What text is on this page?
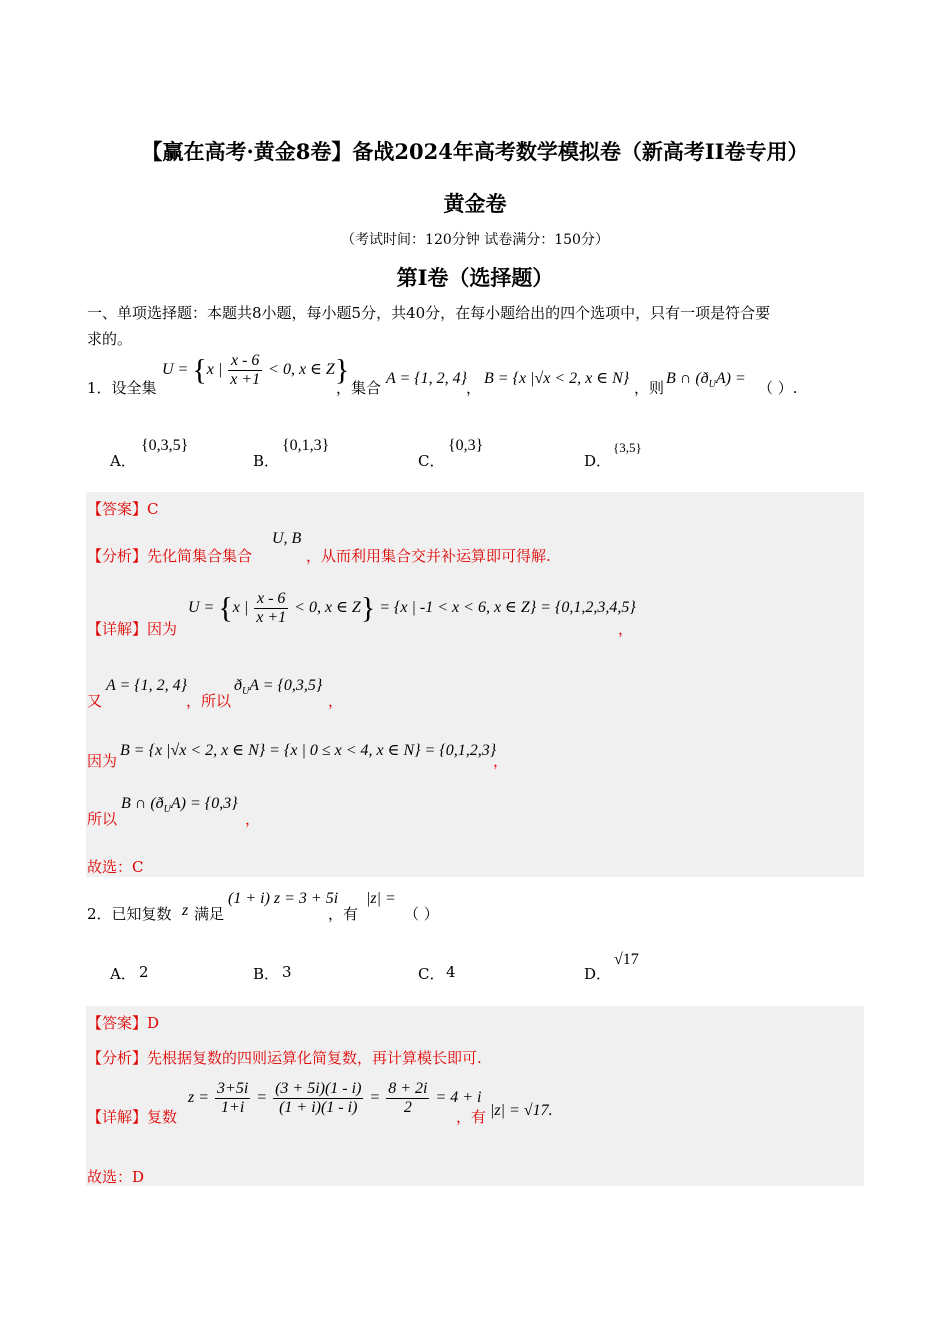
【赢在高考·黄金8卷】备战2024年高考数学模拟卷（新高考II卷专用）
黄金卷
（考试时间：120分钟 试卷满分：150分）
第I卷（选择题）
一、单项选择题：本题共8小题，每小题5分，共40分，在每小题给出的四个选项中，只有一项是符合要
求的。
1．设全集
U = {x | $\frac{x - 6}{x +1} < 0$, x ∈ Z}
，集合
A = {1, 2, 4}
，
B = {x |√x < 2, x ∈ N}
，则
B ∩ $(ð_UA)$ =
（ ）.
A．
{0,3,5}
B．
{0,1,3}
C．
{0,3}
D．
{3,5}
【答案】C
【分析】先化简集合集合
U, B
，从而利用集合交并补运算即可得解.
【详解】因为
U = {x | $\frac{x - 6}{x +1} < 0$, x ∈ Z} = {x | -1 < x < 6, x ∈ Z} = {0,1,2,3,4,5}
，
又
A = {1, 2, 4}
，所以
$ð_UA = \{0,3,5\}$
，
因为
B = {x |√x < 2, x ∈ N} = {x | 0 ≤ x < 4, x ∈ N} = {0,1,2,3}
，
所以
B ∩ $(ð_UA) = \{0,3\}$
，
故选：C
2．已知复数 z 满足
(1 + i) z = 3 + 5i
，有
|z| =
（ ）
A． 2	B． 3	C． 4	D．
√17
【答案】D
【分析】先根据复数的四则运算化简复数，再计算模长即可.
【详解】复数
$z = \frac{3+5i}{1+i} = \frac{(3 + 5i)(1 - i)}{(1 + i)(1 - i)} = \frac{8 + 2i}{2} = 4 + i$
，有 |z| = √17.
故选：D
